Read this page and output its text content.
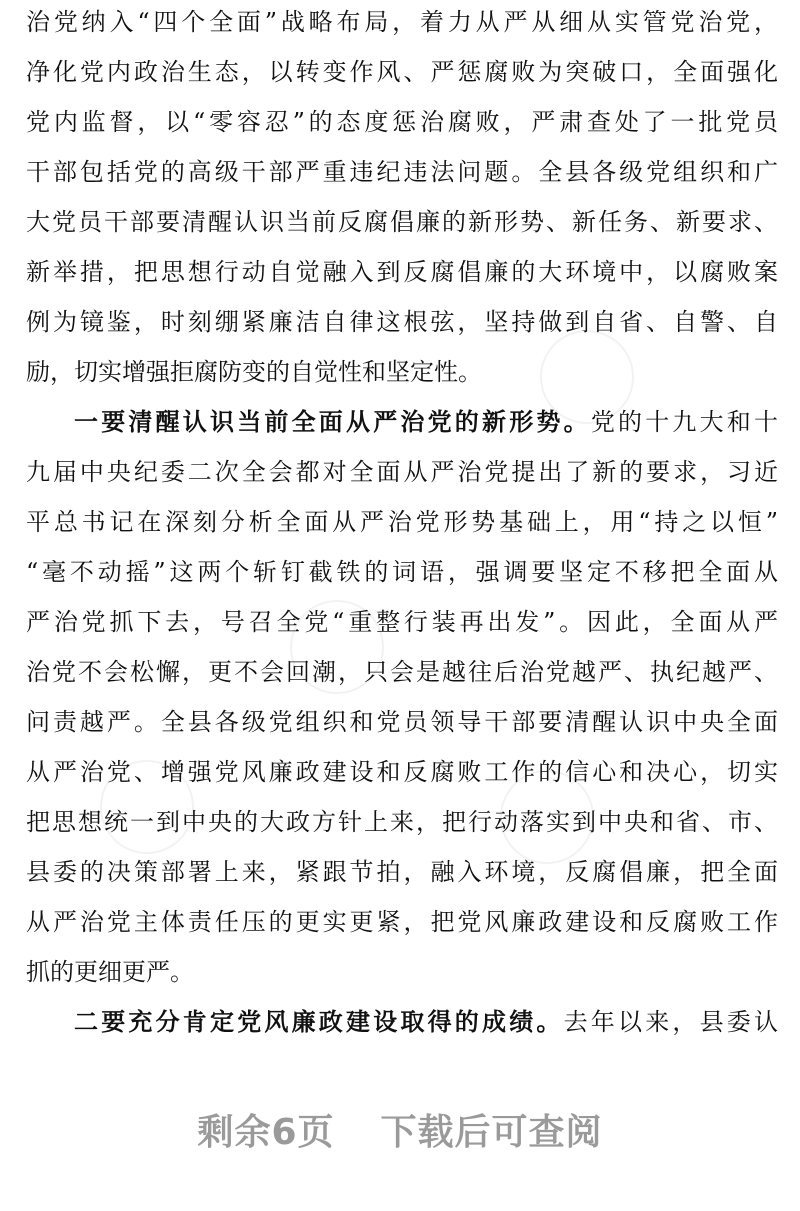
治党纳入“四个全面”战略布局，着力从严从细从实管党治党，
净化党内政治生态，以转变作风、严惩腐败为突破口，全面强化
党内监督，以“零容忍”的态度惩治腐败，严肃查处了一批党员
干部包括党的高级干部严重违纪违法问题。全县各级党组织和广
大党员干部要清醒认识当前反腐倡廉的新形势、新任务、新要求、
新举措，把思想行动自觉融入到反腐倡廉的大环境中，以腐败案
例为镜鉴，时刻绷紧廉洁自律这根弦，坚持做到自省、自警、自
励，切实增强拒腐防变的自觉性和坚定性。
一要清醒认识当前全面从严治党的新形势。党的十九大和十
九届中央纪委二次全会都对全面从严治党提出了新的要求，习近
平总书记在深刻分析全面从严治党形势基础上，用“持之以恒”
“毫不动摇”这两个斩钉截铁的词语，强调要坚定不移把全面从
严治党抓下去，号召全党“重整行装再出发”。因此，全面从严
治党不会松懈，更不会回潮，只会是越往后治党越严、执纪越严、
问责越严。全县各级党组织和党员领导干部要清醒认识中央全面
从严治党、增强党风廉政建设和反腐败工作的信心和决心，切实
把思想统一到中央的大政方针上来，把行动落实到中央和省、市、
县委的决策部署上来，紧跟节拍，融入环境，反腐倡廉，把全面
从严治党主体责任压的更实更紧，把党风廉政建设和反腐败工作
抓的更细更严。
二要充分肯定党风廉政建设取得的成绩。去年以来，县委认
剩余6页 下载后可查阅
